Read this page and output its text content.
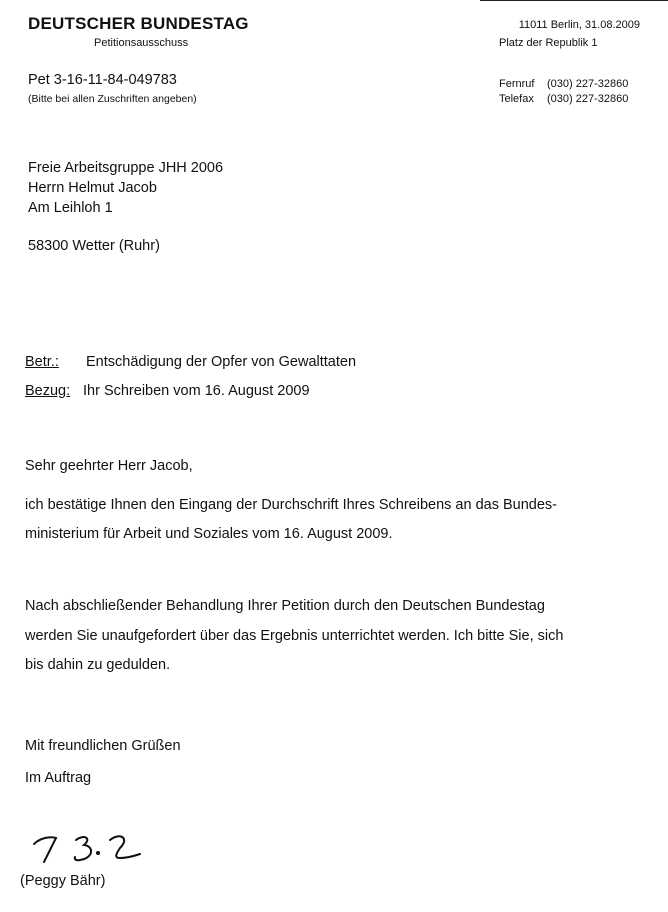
DEUTSCHER BUNDESTAG
Petitionsausschuss
Pet 3-16-11-84-049783
(Bitte bei allen Zuschriften angeben)
11011 Berlin, 31.08.2009
Platz der Republik 1
Fernruf (030) 227-32860
Telefax (030) 227-32860
Freie Arbeitsgruppe JHH 2006
Herrn Helmut Jacob
Am Leihloh 1
58300 Wetter (Ruhr)
Betr.: Entschädigung der Opfer von Gewalttaten
Bezug: Ihr Schreiben vom 16. August 2009
Sehr geehrter Herr Jacob,
ich bestätige Ihnen den Eingang der Durchschrift Ihres Schreibens an das Bundes-
ministerium für Arbeit und Soziales vom 16. August 2009.
Nach abschließender Behandlung Ihrer Petition durch den Deutschen Bundestag
werden Sie unaufgefordert über das Ergebnis unterrichtet werden. Ich bitte Sie, sich
bis dahin zu gedulden.
Mit freundlichen Grüßen
Im Auftrag
(Peggy Bähr)
